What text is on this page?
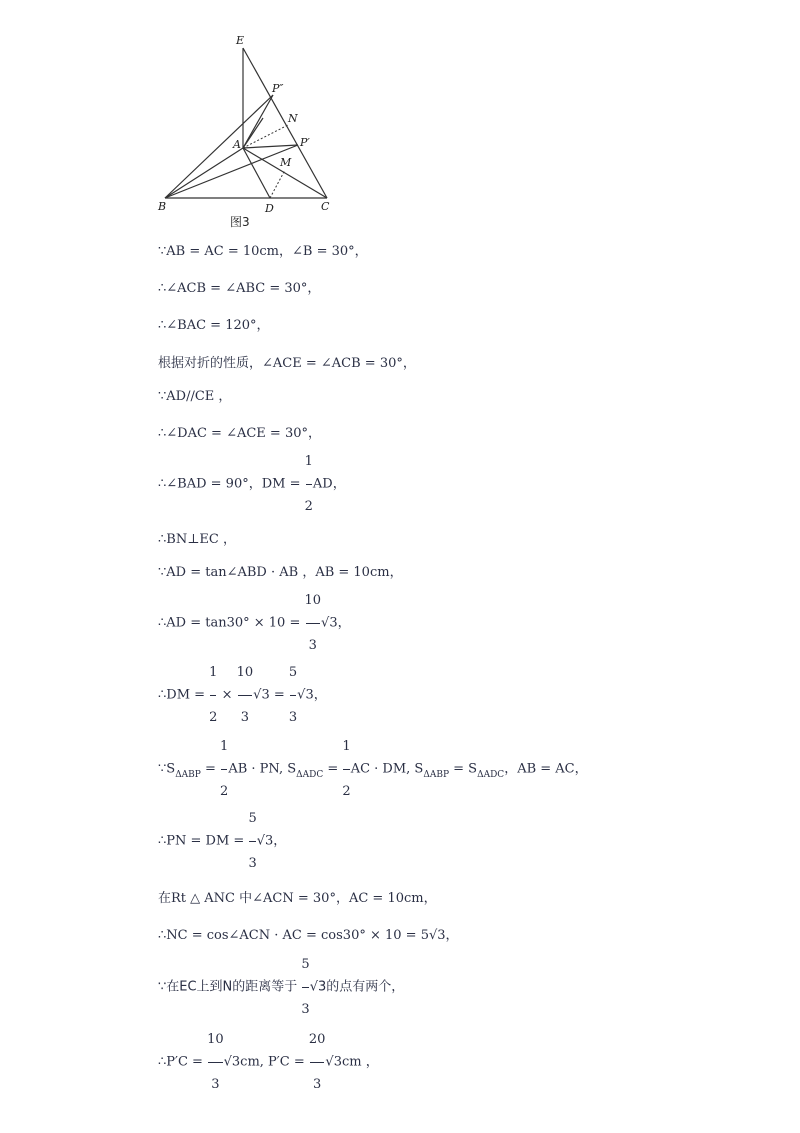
E
P″
N
A	P′
M
B	D	C
图3
∵AB = AC = 10cm，∠B = 30°，
∴∠ACB = ∠ABC = 30°，
∴∠BAC = 120°，
根据对折的性质，∠ACE = ∠ACB = 30°，
∵AD//CE ，
∴∠DAC = ∠ACE = 30°，
∴∠BAD = 90°，DM = $\frac{1}{2}$ AD，
∴BN⊥EC ，
∵AD = tan∠ABD · AB ，AB = 10cm，
∴AD = $\tan 30^\circ \times 10 = \frac{10}{3} √3$，
∴DM = $\frac{1}{2} \times \frac{10}{3} √3 = \frac{5}{3} √3$，
$\because S_{\Delta ABP} = \frac{1}{2}$ AB · PN, $S_{\Delta ADC} = \frac{1}{2}$ AC · DM, $S_{\Delta ABP} = S_{\Delta ADC}$，AB = AC，
∴PN = DM = $\frac{5}{3} √3$，
在Rt △ ANC 中∠ACN = 30°，AC = 10cm，
∴NC = cos∠ACN · AC = cos30° × 10 = 5√3，
∵在EC上到N的距离等于 $\frac{5}{3} √3$的点有两个，
∴P′C = $\frac{10}{3} √3cm$, $P'C = \frac{20}{3} √3cm$ ，
